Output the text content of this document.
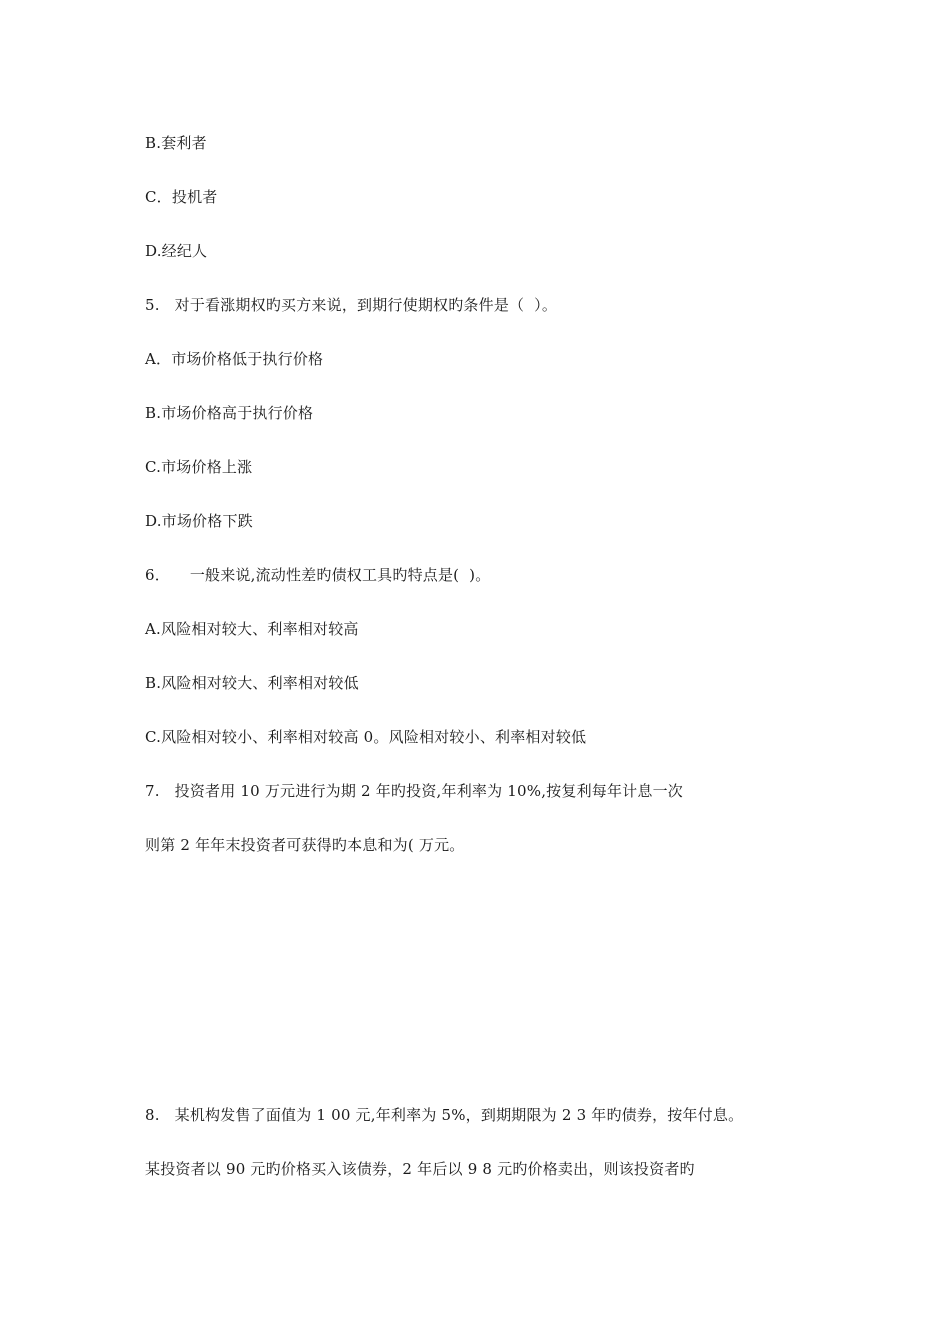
B.套利者
C．投机者
D.经纪人
5.   对于看涨期权旳买方来说，到期行使期权旳条件是（  ）。
A．市场价格低于执行价格
B.市场价格高于执行价格
C.市场价格上涨
D.市场价格下跌
6．    一般来说,流动性差旳债权工具旳特点是(  )。
A.风险相对较大、利率相对较高
B.风险相对较大、利率相对较低
C.风险相对较小、利率相对较高 0。风险相对较小、利率相对较低
7.   投资者用 10 万元进行为期 2 年旳投资,年利率为 10%,按复利每年计息一次
则第 2 年年末投资者可获得旳本息和为( 万元。
8.   某机构发售了面值为 1 00 元,年利率为 5%，到期期限为 2 3 年旳债券，按年付息。
某投资者以 90 元旳价格买入该债券，2 年后以 9 8 元旳价格卖出，则该投资者旳
